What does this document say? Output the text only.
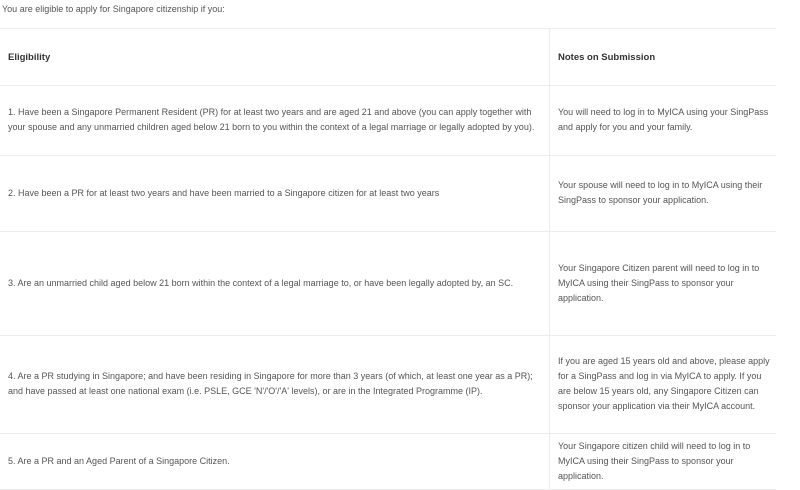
You are eligible to apply for Singapore citizenship if you:
Eligibility	Notes on Submission
1. Have been a Singapore Permanent Resident (PR) for at least two years and are aged 21 and above (you can apply together with your spouse and any unmarried children aged below 21 born to you within the context of a legal marriage or legally adopted by you).
You will need to log in to MyICA using your SingPass and apply for you and your family.
2. Have been a PR for at least two years and have been married to a Singapore citizen for at least two years
Your spouse will need to log in to MyICA using their SingPass to sponsor your application.
3. Are an unmarried child aged below 21 born within the context of a legal marriage to, or have been legally adopted by, an SC.
Your Singapore Citizen parent will need to log in to MyICA using their SingPass to sponsor your application.
4. Are a PR studying in Singapore; and have been residing in Singapore for more than 3 years (of which, at least one year as a PR); and have passed at least one national exam (i.e. PSLE, GCE 'N'/'O'/'A' levels), or are in the Integrated Programme (IP).
If you are aged 15 years old and above, please apply for a SingPass and log in via MyICA to apply. If you are below 15 years old, any Singapore Citizen can sponsor your application via their MyICA account.
5. Are a PR and an Aged Parent of a Singapore Citizen.
Your Singapore citizen child will need to log in to MyICA using their SingPass to sponsor your application.
